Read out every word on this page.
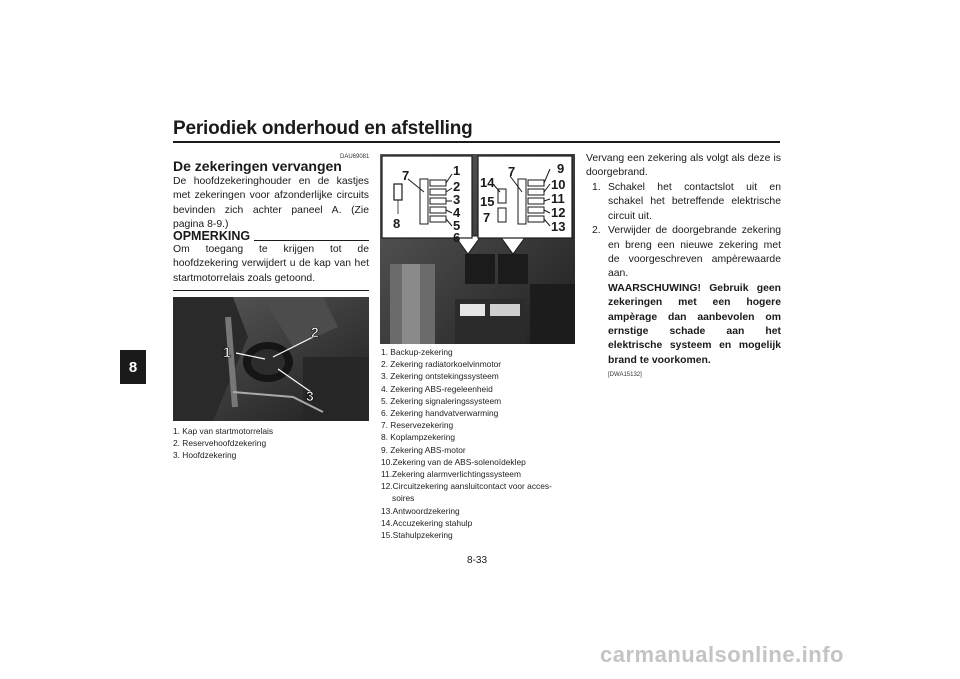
Periodiek onderhoud en afstelling
8
DAU69081
De zekeringen vervangen

De hoofdzekeringhouder en de kastjes met zekeringen voor afzonderlijke circuits bevinden zich achter paneel A. (Zie pagina 8-9.)

OPMERKING

Om toegang te krijgen tot de hoofdzekering verwijdert u de kap van het startmotorrelais zoals getoond.

1
2
3
1. Kap van startmotorrelais
2. Reservehoofdzekering
3. Hoofdzekering
7	1
2
3
4
5
6
8
7	9
14	10
15	11
7	12
13
1. Backup-zekering
2. Zekering radiatorkoelvinmotor
3. Zekering ontstekingssysteem
4. Zekering ABS-regeleenheid
5. Zekering signaleringssysteem
6. Zekering handvatverwarming
7. Reservezekering
8. Koplampzekering
9. Zekering ABS-motor
10.Zekering van de ABS-solenoïdeklep
11.Zekering alarmverlichtingssysteem
12.Circuitzekering aansluitcontact voor acces-
soires
13.Antwoordzekering
14.Accuzekering stahulp
15.Stahulpzekering

Vervang een zekering als volgt als deze is doorgebrand.

1. Schakel het contactslot uit en schakel het betreffende elektrische circuit uit.
2. Verwijder de doorgebrande zekering en breng een nieuwe zekering met de voorgeschreven ampèrewaarde aan.
WAARSCHUWING! Gebruik geen zekeringen met een hogere ampèrage dan aanbevolen om ernstige schade aan het elektrische systeem en mogelijk brand te voorkomen.
[DWA15132]
8-33
carmanualsonline.info
